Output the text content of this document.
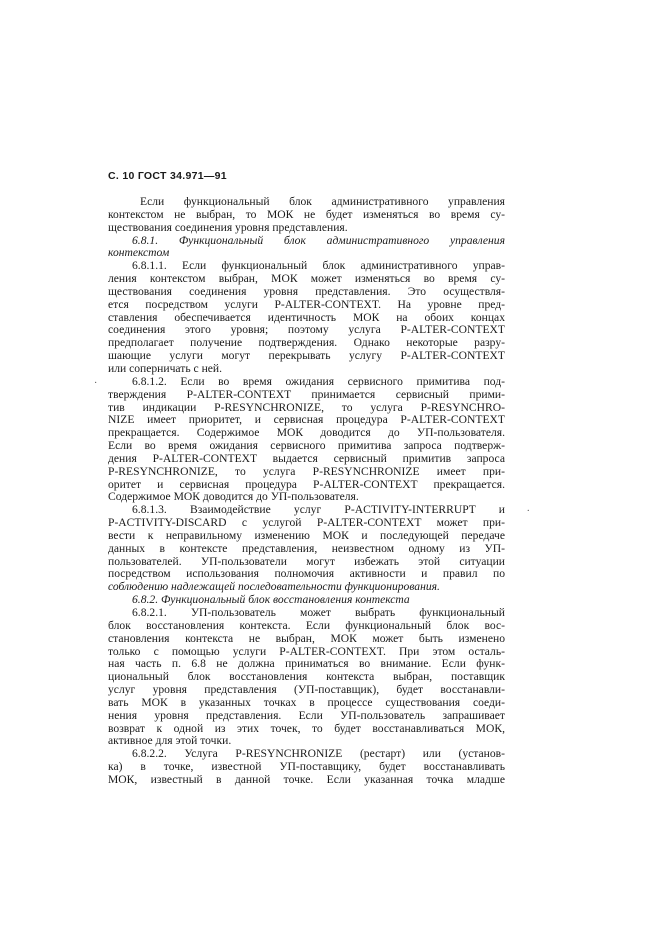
С. 10 ГОСТ 34.971—91
Если функциональный блок административного управления
контекстом не выбран, то МОК не будет изменяться во время су-
ществования соединения уровня представления.
6.8.1. Функциональный блок административного управления
контекстом
6.8.1.1. Если функциональный блок административного управ-
ления контекстом выбран, МОК может изменяться во время су-
ществования соединения уровня представления. Это осуществля-
ется посредством услуги P-ALTER-CONTEXT. На уровне пред-
ставления обеспечивается идентичность МОК на обоих концах
соединения этого уровня; поэтому услуга P-ALTER-CONTEXT
предполагает получение подтверждения. Однако некоторые разру-
шающие услуги могут перекрывать услугу P-ALTER-CONTEXT
или соперничать с ней.
6.8.1.2. Если во время ожидания сервисного примитива под-
тверждения P-ALTER-CONTEXT принимается сервисный прими-
тив индикации P-RESYNCHRONIZE, то услуга P-RESYNCHRO-
NIZE имеет приоритет, и сервисная процедура P-ALTER-CONTEXT
прекращается. Содержимое МОК доводится до УП-пользователя.
Если во время ожидания сервисного примитива запроса подтверж-
дения P-ALTER-CONTEXT выдается сервисный примитив запроса
P-RESYNCHRONIZE, то услуга P-RESYNCHRONIZE имеет при-
оритет и сервисная процедура P-ALTER-CONTEXT прекращается.
Содержимое МОК доводится до УП-пользователя.
6.8.1.3. Взаимодействие услуг P-ACTIVITY-INTERRUPT и
P-ACTIVITY-DISCARD с услугой P-ALTER-CONTEXT может при-
вести к неправильному изменению МОК и последующей передаче
данных в контексте представления, неизвестном одному из УП-
пользователей. УП-пользователи могут избежать этой ситуации
посредством использования полномочия активности и правил по
соблюдению надлежащей последовательности функционирования.
6.8.2. Функциональный блок восстановления контекста
6.8.2.1. УП-пользователь может выбрать функциональный
блок восстановления контекста. Если функциональный блок вос-
становления контекста не выбран, МОК может быть изменено
только с помощью услуги P-ALTER-CONTEXT. При этом осталь-
ная часть п. 6.8 не должна приниматься во внимание. Если функ-
циональный блок восстановления контекста выбран, поставщик
услуг уровня представления (УП-поставщик), будет восстанавли-
вать МОК в указанных точках в процессе существования соеди-
нения уровня представления. Если УП-пользователь запрашивает
возврат к одной из этих точек, то будет восстанавливаться МОК,
активное для этой точки.
6.8.2.2. Услуга P-RESYNCHRONIZE (рестарт) или (установ-
ка) в точке, известной УП-поставщику, будет восстанавливать
МОК, известный в данной точке. Если указанная точка младше
·
.
